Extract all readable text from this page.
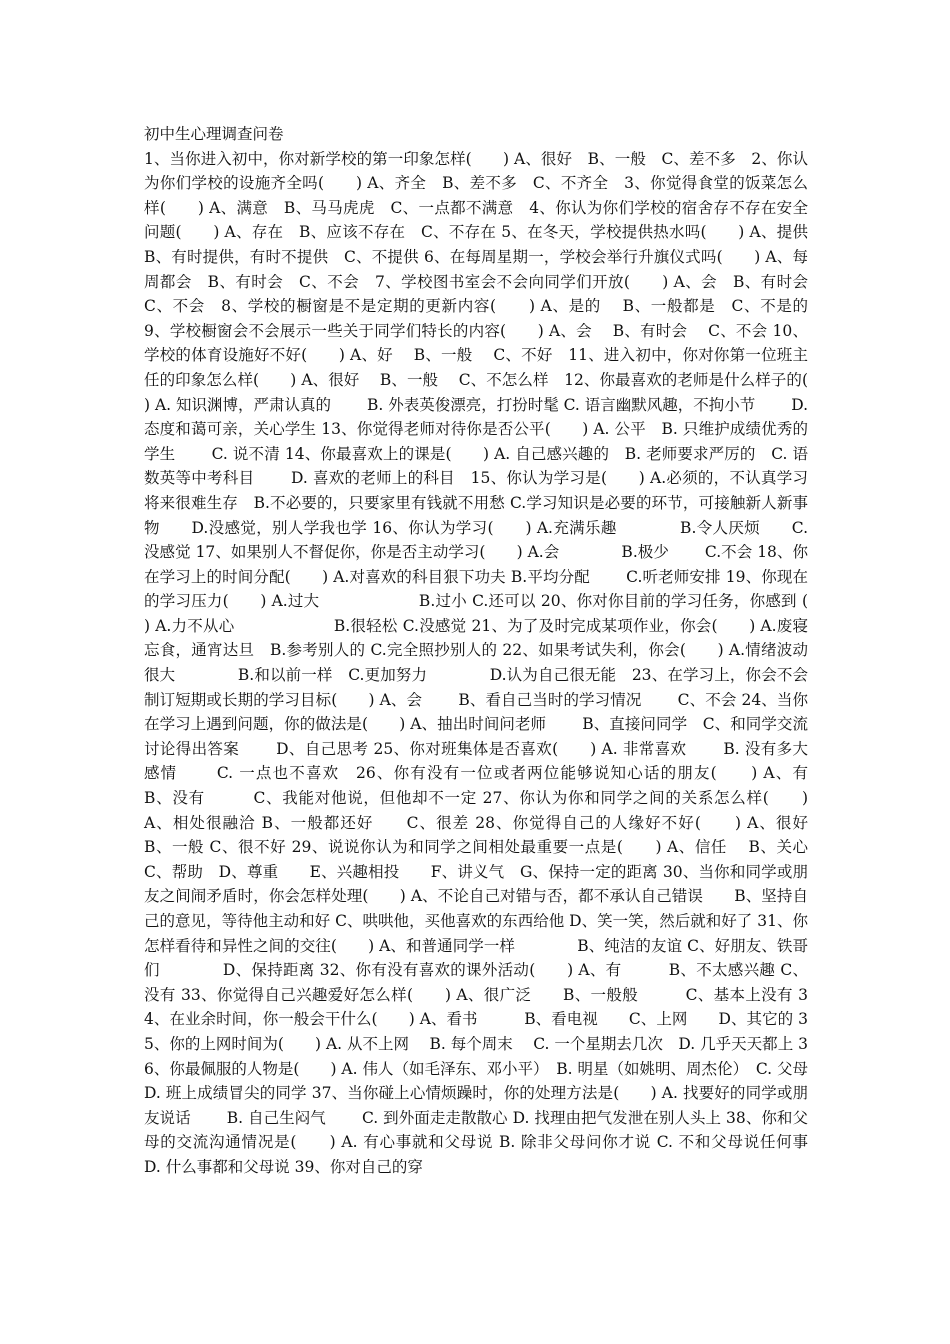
初中生心理调查问卷

1、当你进入初中，你对新学校的第一印象怎样(　　) A、很好　B、一般　C、差不多　2、你认为你们学校的设施齐全吗(　　) A、齐全　B、差不多　C、不齐全　3、你觉得食堂的饭菜怎么样(　　) A、满意　B、马马虎虎　C、一点都不满意　4、你认为你们学校的宿舍存不存在安全问题(　　) A、存在　B、应该不存在　C、不存在 5、在冬天，学校提供热水吗(　　) A、提供　B、有时提供，有时不提供　C、不提供 6、在每周星期一，学校会举行升旗仪式吗(　　) A、每周都会　B、有时会　C、不会　7、学校图书室会不会向同学们开放(　　) A、会　B、有时会　C、不会　8、学校的橱窗是不是定期的更新内容(　　) A、是的　 B、一般都是　C、不是的　9、学校橱窗会不会展示一些关于同学们特长的内容(　　) A、会　 B、有时会　 C、不会 10、学校的体育设施好不好(　　) A、好　 B、一般　 C、不好　11、进入初中，你对你第一位班主任的印象怎么样(　　) A、很好　 B、一般　 C、不怎么样　12、你最喜欢的老师是什么样子的(　　) A. 知识渊博，严肃认真的　　 B. 外表英俊漂亮，打扮时髦 C. 语言幽默风趣，不拘小节　　 D. 态度和蔼可亲，关心学生 13、你觉得老师对待你是否公平(　　) A. 公平　B. 只维护成绩优秀的学生　　 C. 说不清 14、你最喜欢上的课是(　　) A. 自己感兴趣的　B. 老师要求严厉的　C. 语数英等中考科目　　 D. 喜欢的老师上的科目　15、你认为学习是(　　) A.必须的，不认真学习将来很难生存　B.不必要的，只要家里有钱就不用愁 C.学习知识是必要的环节，可接触新人新事物　　D.没感觉，别人学我也学 16、你认为学习(　　) A.充满乐趣　　　　B.令人厌烦　　C.没感觉 17、如果别人不督促你，你是否主动学习(　　) A.会　　　　B.极少　　 C.不会 18、你在学习上的时间分配(　　) A.对喜欢的科目狠下功夫 B.平均分配　　 C.听老师安排 19、你现在的学习压力(　　) A.过大　　　　　　 B.过小 C.还可以 20、你对你目前的学习任务，你感到 (　　) A.力不从心　　　　　　 B.很轻松 C.没感觉 21、为了及时完成某项作业，你会(　　) A.废寝忘食，通宵达旦　B.参考别人的 C.完全照抄别人的 22、如果考试失利，你会(　　) A.情绪波动很大　　　　B.和以前一样　C.更加努力　　　　D.认为自己很无能　23、在学习上，你会不会制订短期或长期的学习目标(　　) A、会　　 B、看自己当时的学习情况　　 C、不会 24、当你在学习上遇到问题，你的做法是(　　) A、抽出时间问老师　　 B、直接问同学　C、和同学交流讨论得出答案　　 D、自己思考 25、你对班集体是否喜欢(　　) A. 非常喜欢　　 B. 没有多大感情　　 C. 一点也不喜欢　26、你有没有一位或者两位能够说知心话的朋友(　　) A、有　　　　B、没有　　　C、我能对他说，但他却不一定 27、你认为你和同学之间的关系怎么样(　　) A、相处很融洽 B、一般都还好　　C、很差 28、你觉得自己的人缘好不好(　　) A、很好　　　　B、一般 C、很不好 29、说说你认为和同学之间相处最重要一点是(　　) A、信任　 B、关心　 C、帮助　D、尊重　　E、兴趣相投　　F、讲义气　G、保持一定的距离 30、当你和同学或朋友之间闹矛盾时，你会怎样处理(　　) A、不论自己对错与否，都不承认自己错误　　B、坚持自己的意见，等待他主动和好 C、哄哄他，买他喜欢的东西给他 D、笑一笑，然后就和好了 31、你怎样看待和异性之间的交往(　　) A、和普通同学一样　　　　B、纯洁的友谊 C、好朋友、铁哥们　　　　D、保持距离 32、你有没有喜欢的课外活动(　　) A、有　　　B、不太感兴趣 C、没有 33、你觉得自己兴趣爱好怎么样(　　) A、很广泛　　B、一般般　　　C、基本上没有 34、在业余时间，你一般会干什么(　　) A、看书　　　B、看电视　　C、上网　　D、其它的 35、你的上网时间为(　　) A. 从不上网　 B. 每个周末　 C. 一个星期去几次　D. 几乎天天都上 36、你最佩服的人物是(　　) A. 伟人（如毛泽东、邓小平）　B. 明星（如姚明、周杰伦）　C. 父母　　　　　　　D. 班上成绩冒尖的同学 37、当你碰上心情烦躁时，你的处理方法是(　　) A. 找要好的同学或朋友说话　　 B. 自己生闷气　　 C. 到外面走走散散心 D. 找理由把气发泄在别人头上 38、你和父母的交流沟通情况是(　　) A. 有心事就和父母说 B. 除非父母问你才说 C. 不和父母说任何事　　　D. 什么事都和父母说 39、你对自己的穿
